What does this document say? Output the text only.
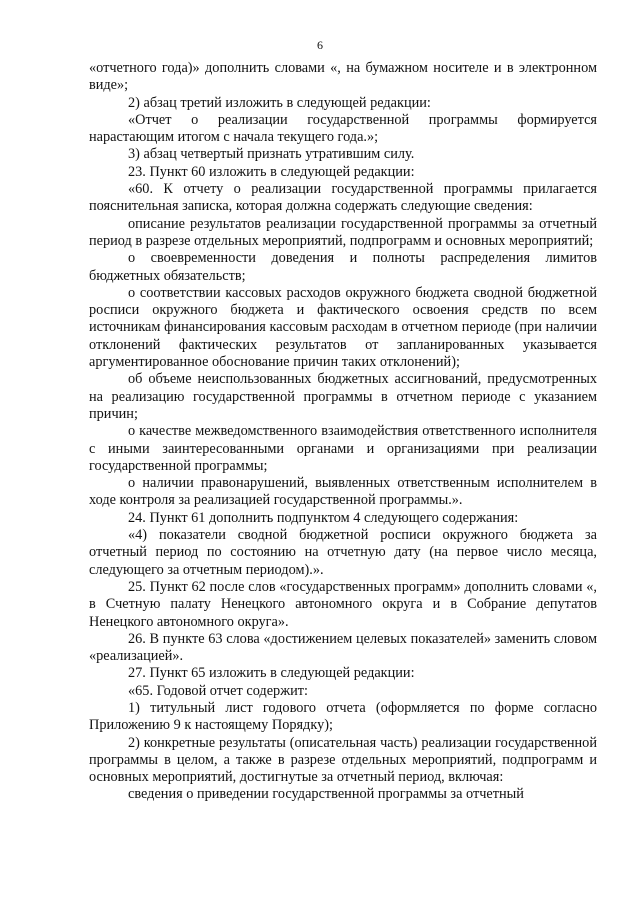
6

«отчетного года)» дополнить словами «, на бумажном носителе и в электронном виде»;

2) абзац третий изложить в следующей редакции:

«Отчет о реализации государственной программы формируется нарастающим итогом с начала текущего года.»;

3) абзац четвертый признать утратившим силу.

23. Пункт 60 изложить в следующей редакции:

«60. К отчету о реализации государственной программы прилагается пояснительная записка, которая должна содержать следующие сведения:

описание результатов реализации государственной программы за отчетный период в разрезе отдельных мероприятий, подпрограмм и основных мероприятий;

о своевременности доведения и полноты распределения лимитов бюджетных обязательств;

о соответствии кассовых расходов окружного бюджета сводной бюджетной росписи окружного бюджета и фактического освоения средств по всем источникам финансирования кассовым расходам в отчетном периоде (при наличии отклонений фактических результатов от запланированных указывается аргументированное обоснование причин таких отклонений);

об объеме неиспользованных бюджетных ассигнований, предусмотренных на реализацию государственной программы в отчетном периоде с указанием причин;

о качестве межведомственного взаимодействия ответственного исполнителя с иными заинтересованными органами и организациями при реализации государственной программы;

о наличии правонарушений, выявленных ответственным исполнителем в ходе контроля за реализацией государственной программы.».

24. Пункт 61 дополнить подпунктом 4 следующего содержания:

«4) показатели сводной бюджетной росписи окружного бюджета за отчетный период по состоянию на отчетную дату (на первое число месяца, следующего за отчетным периодом).».

25. Пункт 62 после слов «государственных программ» дополнить словами «, в Счетную палату Ненецкого автономного округа и в Собрание депутатов Ненецкого автономного округа».

26. В пункте 63 слова «достижением целевых показателей» заменить словом «реализацией».

27. Пункт 65 изложить в следующей редакции:

«65. Годовой отчет содержит:

1) титульный лист годового отчета (оформляется по форме согласно Приложению 9 к настоящему Порядку);

2) конкретные результаты (описательная часть) реализации государственной программы в целом, а также в разрезе отдельных мероприятий, подпрограмм и основных мероприятий, достигнутые за отчетный период, включая:

сведения о приведении государственной программы за отчетный
